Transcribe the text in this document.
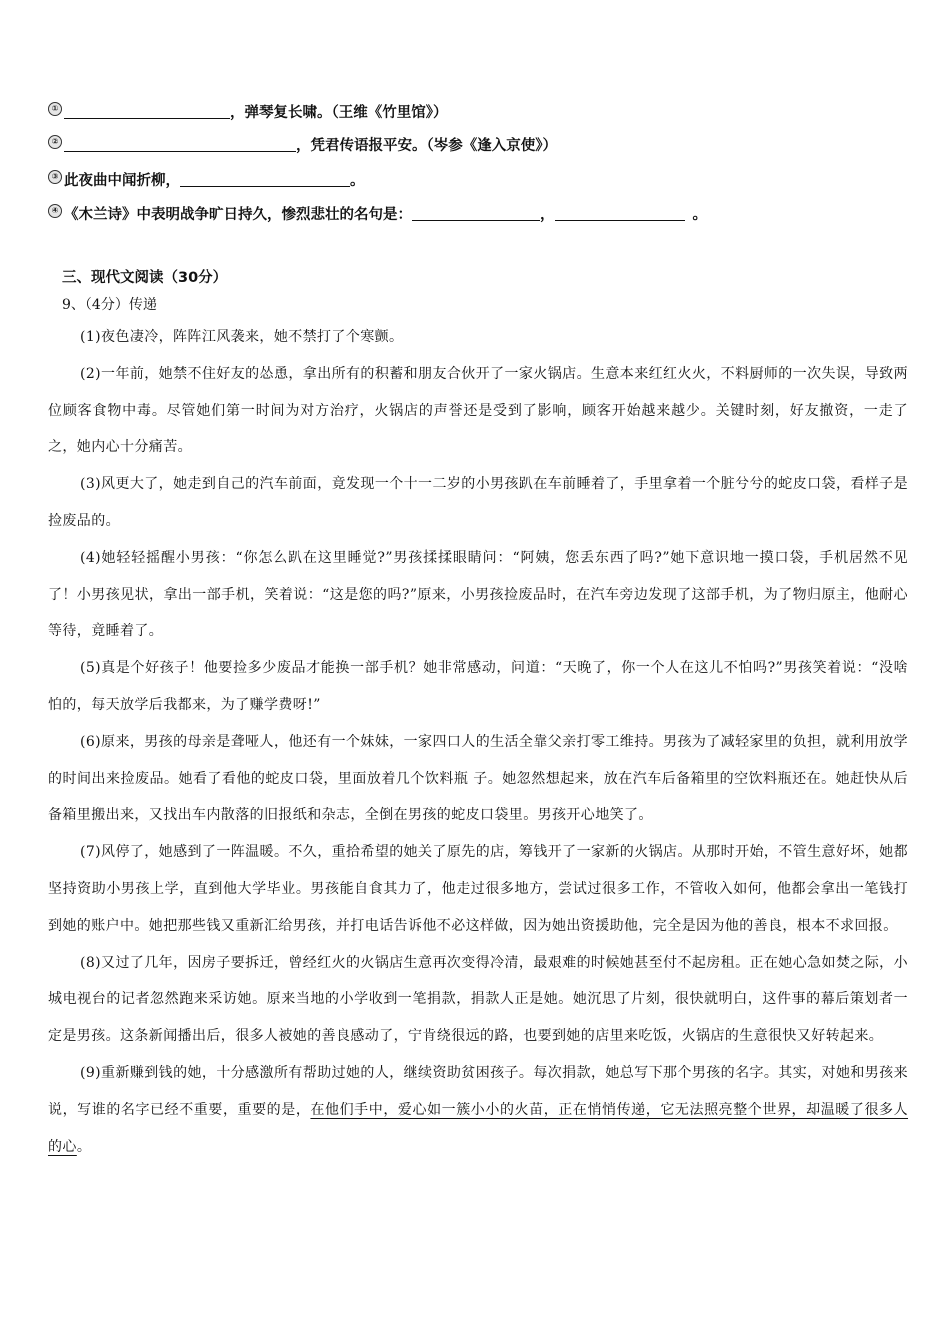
①	，弹琴复长啸。（王维《竹里馆》）
②	，凭君传语报平安。（岑参《逢入京使》）
③ 此夜曲中闻折柳，	。
④ 《木兰诗》中表明战争旷日持久，惨烈悲壮的名句是：	，	。
三、现代文阅读（30分）
9、（4分）传递

(1)夜色凄冷，阵阵江风袭来，她不禁打了个寒颤。

(2)一年前，她禁不住好友的怂恿，拿出所有的积蓄和朋友合伙开了一家火锅店。生意本来红红火火，不料厨师的一次失误，导致两位顾客食物中毒。尽管她们第一时间为对方治疗，火锅店的声誉还是受到了影响，顾客开始越来越少。关键时刻，好友撤资，一走了之，她内心十分痛苦。

(3)风更大了，她走到自己的汽车前面，竟发现一个十一二岁的小男孩趴在车前睡着了，手里拿着一个脏兮兮的蛇皮口袋，看样子是捡废品的。

(4)她轻轻摇醒小男孩：“你怎么趴在这里睡觉?”男孩揉揉眼睛问：“阿姨，您丢东西了吗?”她下意识地一摸口袋，手机居然不见了！小男孩见状，拿出一部手机，笑着说：“这是您的吗?”原来，小男孩捡废品时，在汽车旁边发现了这部手机，为了物归原主，他耐心等待，竟睡着了。

(5)真是个好孩子！他要捡多少废品才能换一部手机？她非常感动，问道：“天晚了，你一个人在这儿不怕吗?”男孩笑着说：“没啥怕的，每天放学后我都来，为了赚学费呀!”

(6)原来，男孩的母亲是聋哑人，他还有一个妹妹，一家四口人的生活全靠父亲打零工维持。男孩为了减轻家里的负担，就利用放学的时间出来捡废品。她看了看他的蛇皮口袋，里面放着几个饮料瓶 子。她忽然想起来，放在汽车后备箱里的空饮料瓶还在。她赶快从后备箱里搬出来，又找出车内散落的旧报纸和杂志，全倒在男孩的蛇皮口袋里。男孩开心地笑了。

(7)风停了，她感到了一阵温暖。不久，重拾希望的她关了原先的店，筹钱开了一家新的火锅店。从那时开始，不管生意好坏，她都坚持资助小男孩上学，直到他大学毕业。男孩能自食其力了，他走过很多地方，尝试过很多工作，不管收入如何，他都会拿出一笔钱打到她的账户中。她把那些钱又重新汇给男孩，并打电话告诉他不必这样做，因为她出资援助他，完全是因为他的善良，根本不求回报。

(8)又过了几年，因房子要拆迁，曾经红火的火锅店生意再次变得冷清，最艰难的时候她甚至付不起房租。正在她心急如焚之际，小城电视台的记者忽然跑来采访她。原来当地的小学收到一笔捐款，捐款人正是她。她沉思了片刻，很快就明白，这件事的幕后策划者一定是男孩。这条新闻播出后，很多人被她的善良感动了，宁肯绕很远的路，也要到她的店里来吃饭，火锅店的生意很快又好转起来。

(9)重新赚到钱的她，十分感激所有帮助过她的人，继续资助贫困孩子。每次捐款，她总写下那个男孩的名字。其实，对她和男孩来说，写谁的名字已经不重要，重要的是，在他们手中，爱心如一簇小小的火苗，正在悄悄传递，它无法照亮整个世界，却温暖了很多人的心。
